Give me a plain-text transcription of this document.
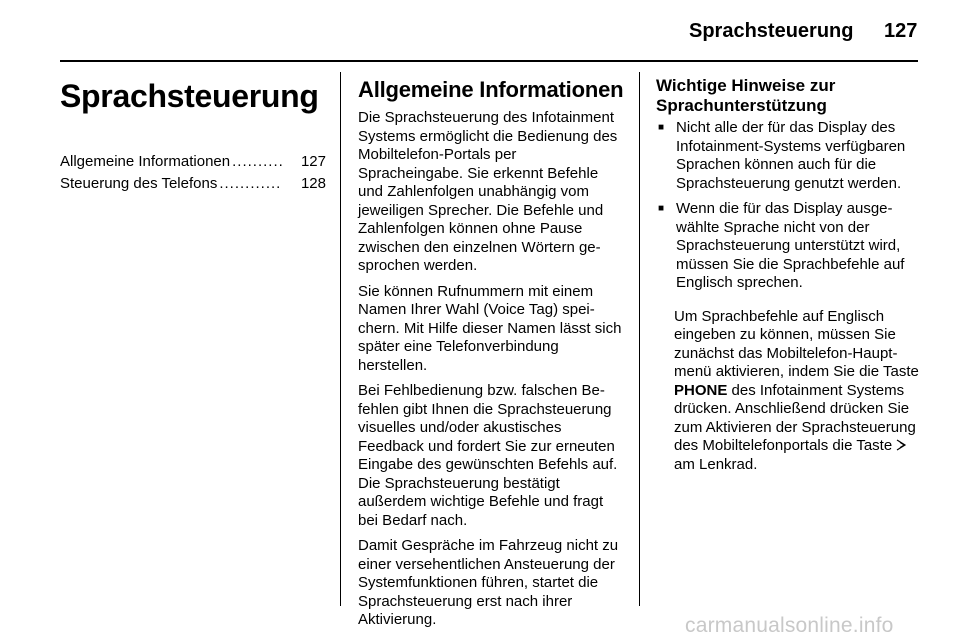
Sprachsteuerung 127
Sprachsteuerung
Allgemeine Informationen ..........	127
Steuerung des Telefons ............	128
Allgemeine Informationen

Die Sprachsteuerung des Infotainment Systems ermöglicht die Bedienung des Mobiltelefon-Portals per Spracheingabe. Sie erkennt Befehle und Zahlenfolgen unabhängig vom jeweiligen Sprecher. Die Befehle und Zahlenfolgen können ohne Pause zwischen den einzelnen Wörtern gesprochen werden.

Sie können Rufnummern mit einem Namen Ihrer Wahl (Voice Tag) speichern. Mit Hilfe dieser Namen lässt sich später eine Telefonverbindung herstellen.

Bei Fehlbedienung bzw. falschen Befehlen gibt Ihnen die Sprachsteuerung visuelles und/oder akustisches Feedback und fordert Sie zur erneuten Eingabe des gewünschten Befehls auf. Die Sprachsteuerung bestätigt außerdem wichtige Befehle und fragt bei Bedarf nach.

Damit Gespräche im Fahrzeug nicht zu einer versehentlichen Ansteuerung der Systemfunktionen führen, startet die Sprachsteuerung erst nach ihrer Aktivierung.

Wichtige Hinweise zur Sprachunterstützung
■ Nicht alle der für das Display des Infotainment-Systems verfügbaren Sprachen können auch für die Sprachsteuerung genutzt werden.
■ Wenn die für das Display ausgewählte Sprache nicht von der Sprachsteuerung unterstützt wird, müssen Sie die Sprachbefehle auf Englisch sprechen.

Um Sprachbefehle auf Englisch eingeben zu können, müssen Sie zunächst das Mobiltelefon-Hauptmenü aktivieren, indem Sie die Taste PHONE des Infotainment Systems drücken. Anschließend drücken Sie zum Aktivieren der Sprachsteuerung des Mobiltelefonportals die Tasteam Lenkrad.

carmanualsonline.info
